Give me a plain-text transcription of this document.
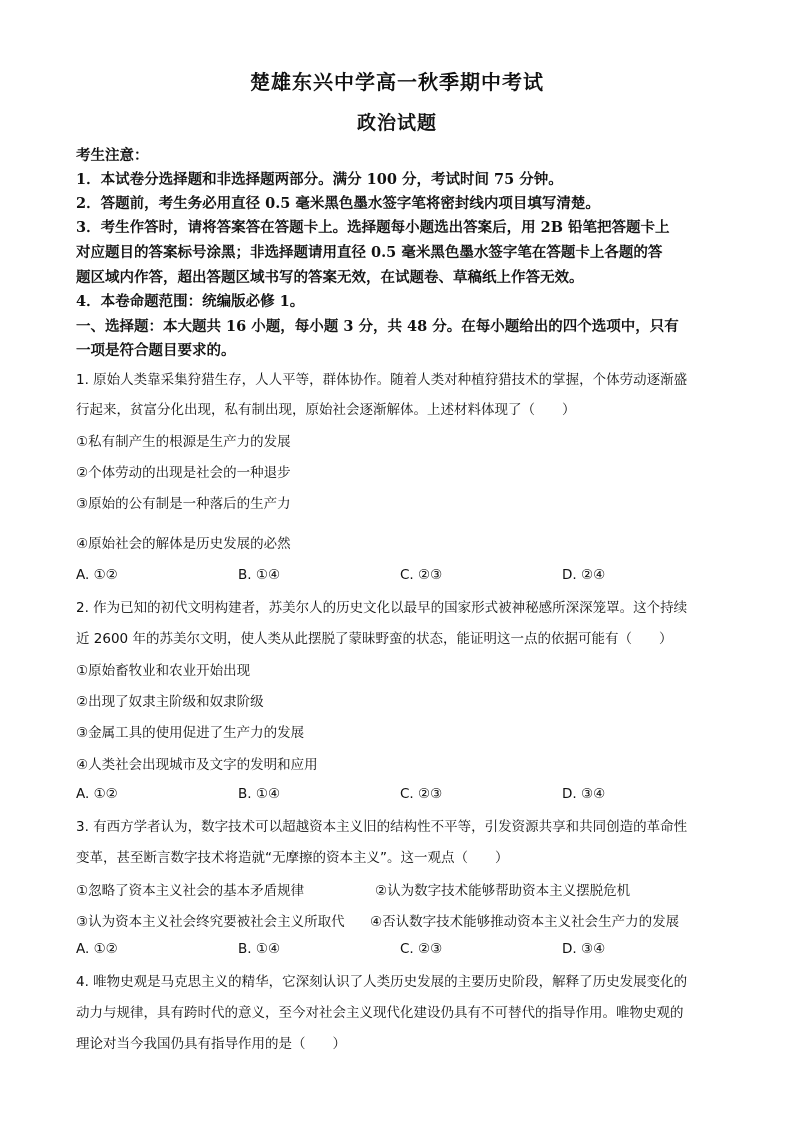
楚雄东兴中学高一秋季期中考试
政治试题
考生注意：
1．本试卷分选择题和非选择题两部分。满分 100 分，考试时间 75 分钟。
2．答题前，考生务必用直径 0.5 毫米黑色墨水签字笔将密封线内项目填写清楚。
3．考生作答时，请将答案答在答题卡上。选择题每小题选出答案后，用 2B 铅笔把答题卡上
对应题目的答案标号涂黑；非选择题请用直径 0.5 毫米黑色墨水签字笔在答题卡上各题的答
题区域内作答，超出答题区域书写的答案无效，在试题卷、草稿纸上作答无效。
4．本卷命题范围：统编版必修 1。
一、选择题：本大题共 16 小题，每小题 3 分，共 48 分。在每小题给出的四个选项中，只有
一项是符合题目要求的。
1. 原始人类靠采集狩猎生存，人人平等，群体协作。随着人类对种植狩猎技术的掌握，个体劳动逐渐盛
行起来，贫富分化出现，私有制出现，原始社会逐渐解体。上述材料体现了（　　）
①私有制产生的根源是生产力的发展
②个体劳动的出现是社会的一种退步
③原始的公有制是一种落后的生产力
④原始社会的解体是历史发展的必然
A. ①②	B. ①④	C. ②③	D. ②④
2. 作为已知的初代文明构建者，苏美尔人的历史文化以最早的国家形式被神秘感所深深笼罩。这个持续
近 2600 年的苏美尔文明，使人类从此摆脱了蒙昧野蛮的状态，能证明这一点的依据可能有（　　）
①原始畜牧业和农业开始出现
②出现了奴隶主阶级和奴隶阶级
③金属工具的使用促进了生产力的发展
④人类社会出现城市及文字的发明和应用
A. ①②	B. ①④	C. ②③	D. ③④
3. 有西方学者认为，数字技术可以超越资本主义旧的结构性不平等，引发资源共享和共同创造的革命性
变革，甚至断言数字技术将造就“无摩擦的资本主义”。这一观点（　　）
①忽略了资本主义社会的基本矛盾规律	②认为数字技术能够帮助资本主义摆脱危机
③认为资本主义社会终究要被社会主义所取代 ④否认数字技术能够推动资本主义社会生产力的发展
A. ①②	B. ①④	C. ②③	D. ③④
4. 唯物史观是马克思主义的精华，它深刻认识了人类历史发展的主要历史阶段，解释了历史发展变化的
动力与规律，具有跨时代的意义，至今对社会主义现代化建设仍具有不可替代的指导作用。唯物史观的
理论对当今我国仍具有指导作用的是（　　）
